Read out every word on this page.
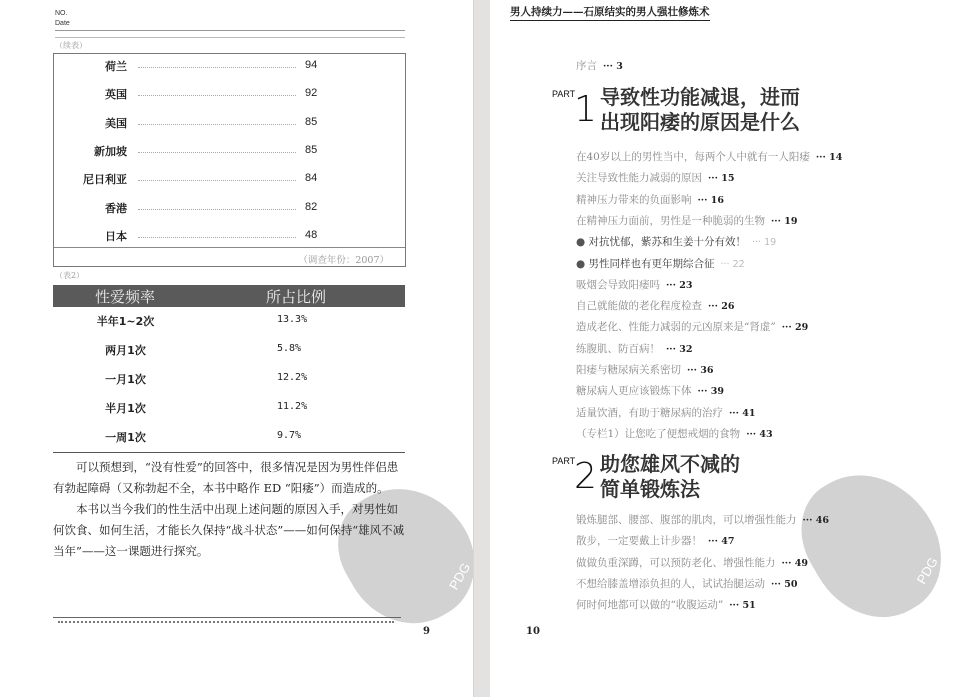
PDG
NO.
Date
（续表）
荷兰	94
英国	92
美国	85
新加坡	85
尼日利亚	84
香港	82
日本	48
（调查年份：2007）
（表2）
性爱频率	所占比例
半年1~2次	13.3%
两月1次	5.8%
一月1次	12.2%
半月1次	11.2%
一周1次	9.7%
可以预想到，“没有性爱”的回答中，很多情况是因为男性伴侣患有勃起障碍（又称勃起不全，本书中略作 ED “阳痿”）而造成的。
本书以当今我们的性生活中出现上述问题的原因入手，对男性如何饮食、如何生活，才能长久保持“战斗状态”——如何保持“雄风不减当年”——这一课题进行探究。
9
PDG
男人持续力——石原结实的男人强壮修炼术
序言 ··· 3
PART
1 导致性功能减退，进而
出现阳痿的原因是什么
在40岁以上的男性当中，每两个人中就有一人阳痿 ··· 14
关注导致性能力减弱的原因 ··· 15
精神压力带来的负面影响 ··· 16
在精神压力面前，男性是一种脆弱的生物 ··· 19
● 对抗忧郁，紫苏和生姜十分有效！ ··· 19
● 男性同样也有更年期综合征 ··· 22
吸烟会导致阳痿吗 ··· 23
自己就能做的老化程度检查 ··· 26
造成老化、性能力减弱的元凶原来是“肾虚” ··· 29
练腹肌、防百病！ ··· 32
阳痿与糖尿病关系密切 ··· 36
糖尿病人更应该锻炼下体 ··· 39
适量饮酒，有助于糖尿病的治疗 ··· 41
（专栏1）让您吃了便想戒烟的食物 ··· 43
PART
2 助您雄风不减的
简单锻炼法
锻炼腿部、腰部、腹部的肌肉，可以增强性能力 ··· 46
散步，一定要戴上计步器！ ··· 47
做做负重深蹲，可以预防老化、增强性能力 ··· 49
不想给膝盖增添负担的人，试试抬腿运动 ··· 50
何时何地都可以做的“收腹运动” ··· 51
10
